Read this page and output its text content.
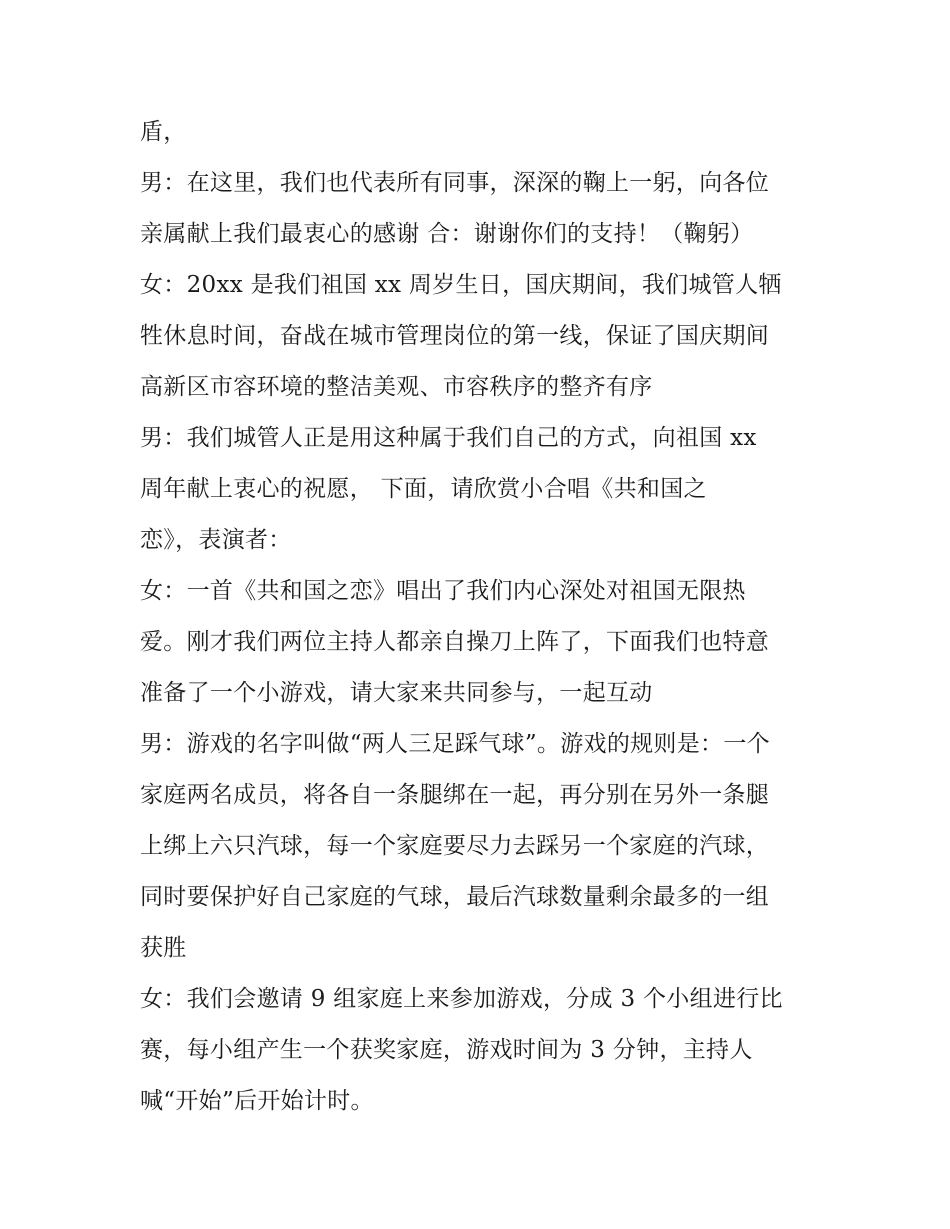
盾，
男：在这里，我们也代表所有同事，深深的鞠上一躬，向各位
亲属献上我们最衷心的感谢 合：谢谢你们的支持！（鞠躬）
女：20xx 是我们祖国 xx 周岁生日，国庆期间，我们城管人牺
牲休息时间，奋战在城市管理岗位的第一线，保证了国庆期间
高新区市容环境的整洁美观、市容秩序的整齐有序
男：我们城管人正是用这种属于我们自己的方式，向祖国 xx
周年献上衷心的祝愿， 下面，请欣赏小合唱《共和国之
恋》，表演者：
女：一首《共和国之恋》唱出了我们内心深处对祖国无限热
爱。刚才我们两位主持人都亲自操刀上阵了，下面我们也特意
准备了一个小游戏，请大家来共同参与，一起互动
男：游戏的名字叫做“两人三足踩气球”。游戏的规则是：一个
家庭两名成员，将各自一条腿绑在一起，再分别在另外一条腿
上绑上六只汽球，每一个家庭要尽力去踩另一个家庭的汽球，
同时要保护好自己家庭的气球，最后汽球数量剩余最多的一组
获胜
女：我们会邀请 9 组家庭上来参加游戏，分成 3 个小组进行比
赛，每小组产生一个获奖家庭，游戏时间为 3 分钟，主持人
喊“开始”后开始计时。
